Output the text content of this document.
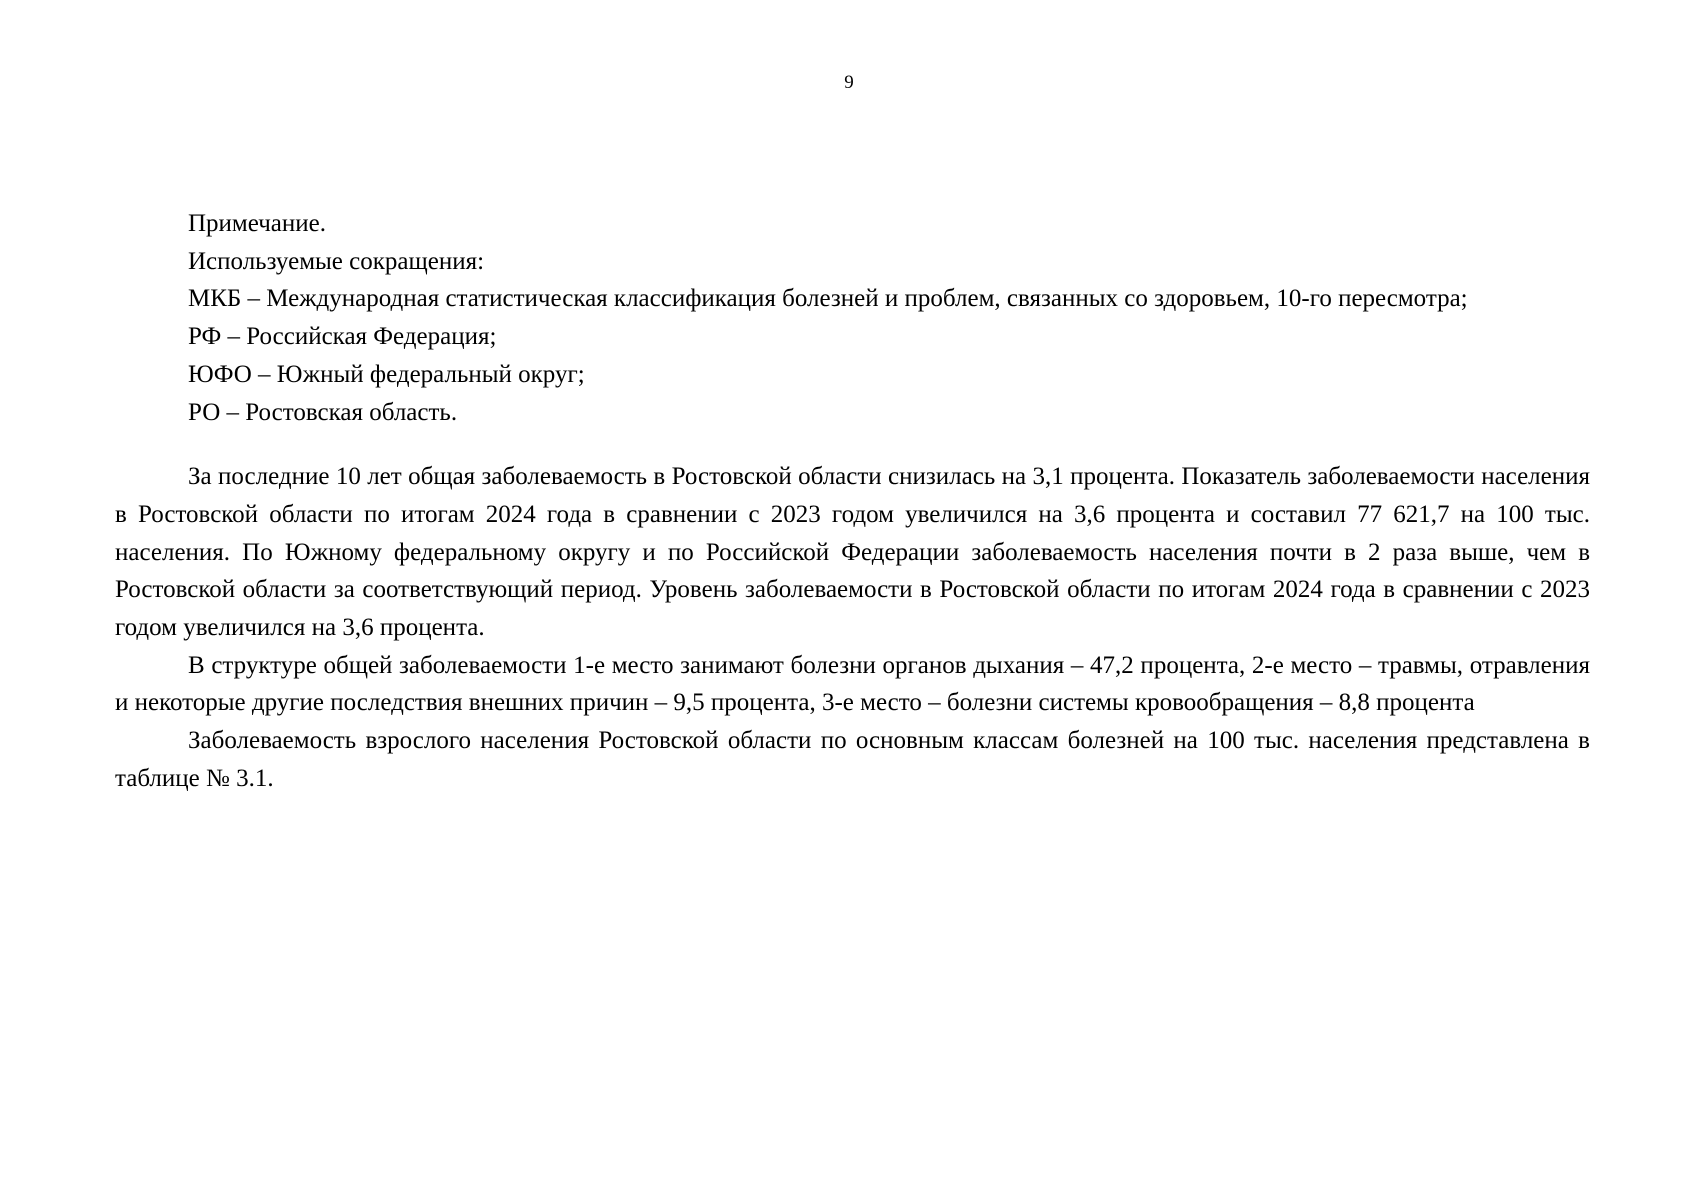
9

Примечание.

Используемые сокращения:

МКБ – Международная статистическая классификация болезней и проблем, связанных со здоровьем, 10-го пересмотра;

РФ – Российская Федерация;

ЮФО – Южный федеральный округ;

РО – Ростовская область.

За последние 10 лет общая заболеваемость в Ростовской области снизилась на 3,1 процента. Показатель заболеваемости населения в Ростовской области по итогам 2024 года в сравнении с 2023 годом увеличился на 3,6 процента и составил 77 621,7 на 100 тыс. населения. По Южному федеральному округу и по Российской Федерации заболеваемость населения почти в 2 раза выше, чем в Ростовской области за соответствующий период. Уровень заболеваемости в Ростовской области по итогам 2024 года в сравнении с 2023 годом увеличился на 3,6 процента.

В структуре общей заболеваемости 1-е место занимают болезни органов дыхания – 47,2 процента, 2-е место – травмы, отравления и некоторые другие последствия внешних причин – 9,5 процента, 3-е место – болезни системы кровообращения – 8,8 процента

Заболеваемость взрослого населения Ростовской области по основным классам болезней на 100 тыс. населения представлена в таблице № 3.1.
